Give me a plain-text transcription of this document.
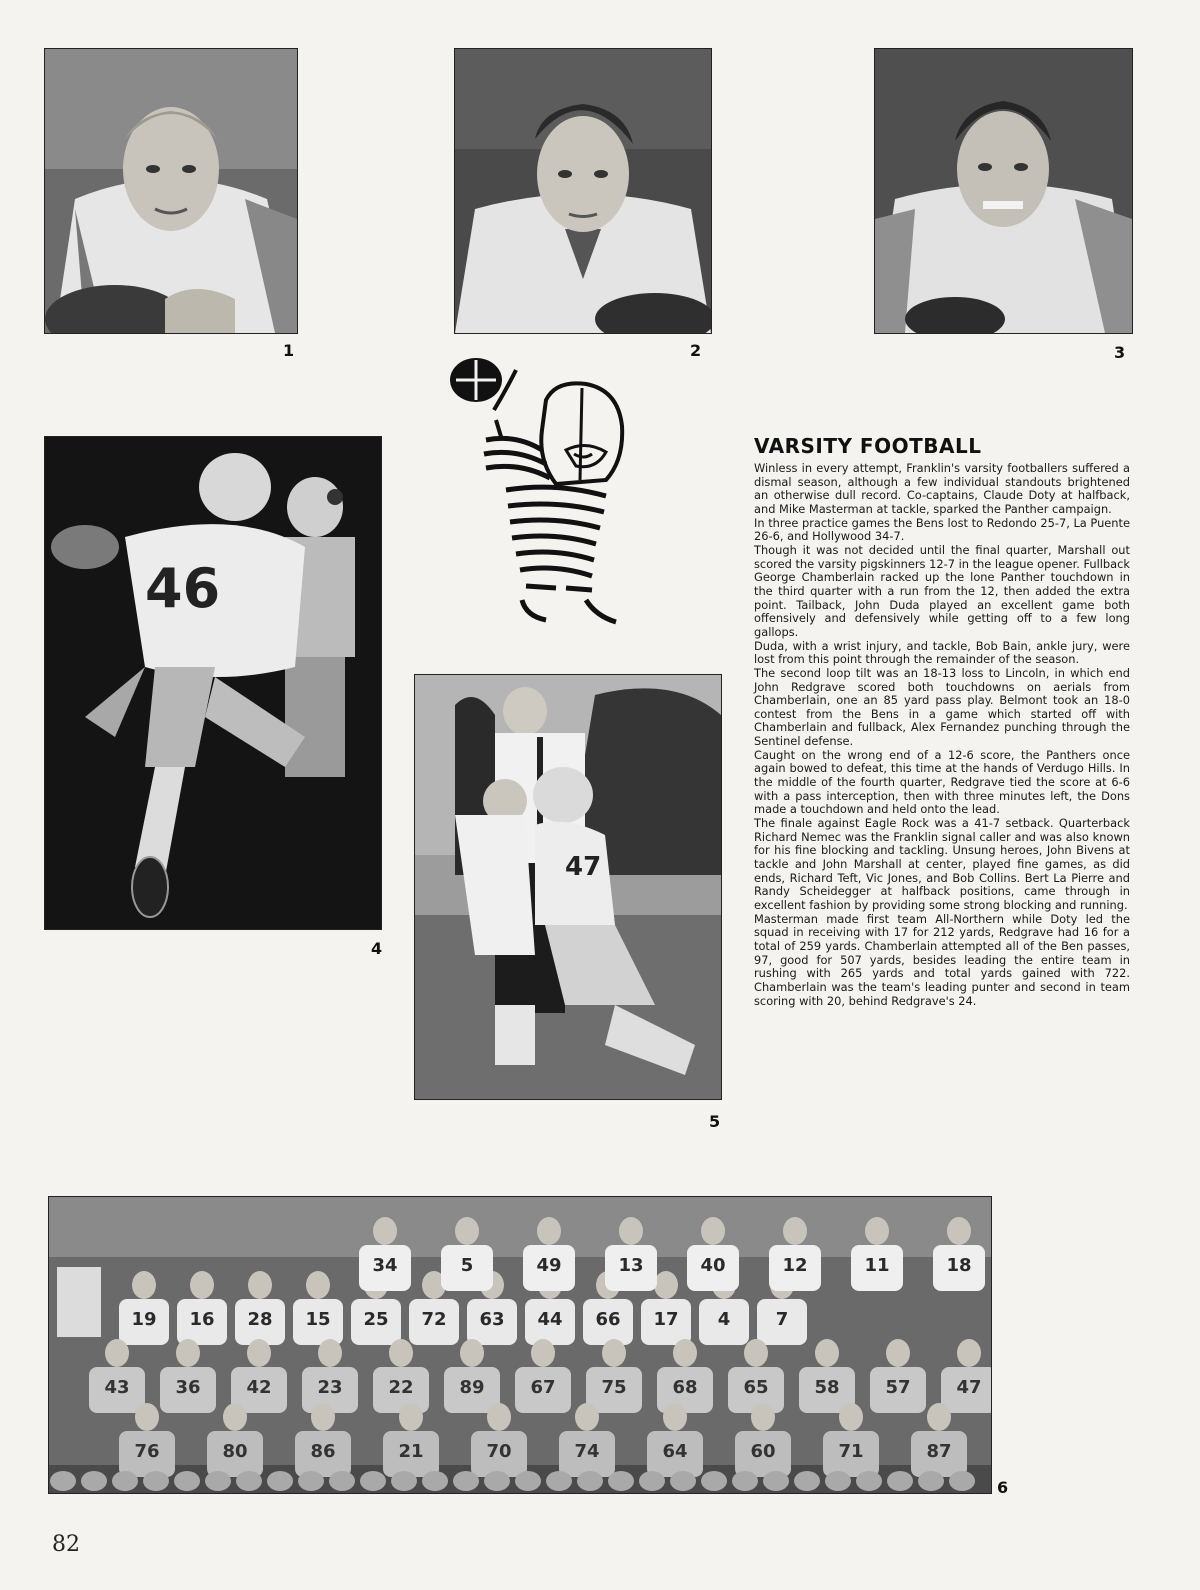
1	2	3
46
4
47
5
VARSITY FOOTBALL

Winless in every attempt, Franklin's varsity footballers suffered a dismal season, although a few individual standouts brightened an otherwise dull record. Co-captains, Claude Doty at halfback, and Mike Masterman at tackle, sparked the Panther campaign.

In three practice games the Bens lost to Redondo 25-7, La Puente 26-6, and Hollywood 34-7.

Though it was not decided until the final quarter, Marshall out scored the varsity pigskinners 12-7 in the league opener. Fullback George Chamberlain racked up the lone Panther touchdown in the third quarter with a run from the 12, then added the extra point. Tailback, John Duda played an excellent game both offensively and defensively while getting off to a few long gallops.

Duda, with a wrist injury, and tackle, Bob Bain, ankle jury, were lost from this point through the remainder of the season.

The second loop tilt was an 18-13 loss to Lincoln, in which end John Redgrave scored both touchdowns on aerials from Chamberlain, one an 85 yard pass play. Belmont took an 18-0 contest from the Bens in a game which started off with Chamberlain and fullback, Alex Fernandez punching through the Sentinel defense.

Caught on the wrong end of a 12-6 score, the Panthers once again bowed to defeat, this time at the hands of Verdugo Hills. In the middle of the fourth quarter, Redgrave tied the score at 6-6 with a pass interception, then with three minutes left, the Dons made a touchdown and held onto the lead.

The finale against Eagle Rock was a 41-7 setback. Quarterback Richard Nemec was the Franklin signal caller and was also known for his fine blocking and tackling. Unsung heroes, John Bivens at tackle and John Marshall at center, played fine games, as did ends, Richard Teft, Vic Jones, and Bob Collins. Bert La Pierre and Randy Scheidegger at halfback positions, came through in excellent fashion by providing some strong blocking and running.

Masterman made first team All-Northern while Doty led the squad in receiving with 17 for 212 yards, Redgrave had 16 for a total of 259 yards. Chamberlain attempted all of the Ben passes, 97, good for 507 yards, besides leading the entire team in rushing with 265 yards and total yards gained with 722. Chamberlain was the team's leading punter and second in team scoring with 20, behind Redgrave's 24.

19 16 28 15 25 72 63 44 66 17 4	7
34	5	49	13	40	12	11	18
43	36	42	23	22	89	67	75	68	65	58	57	47
76	80	86	21	70	74	64	60	71	87
6
82
